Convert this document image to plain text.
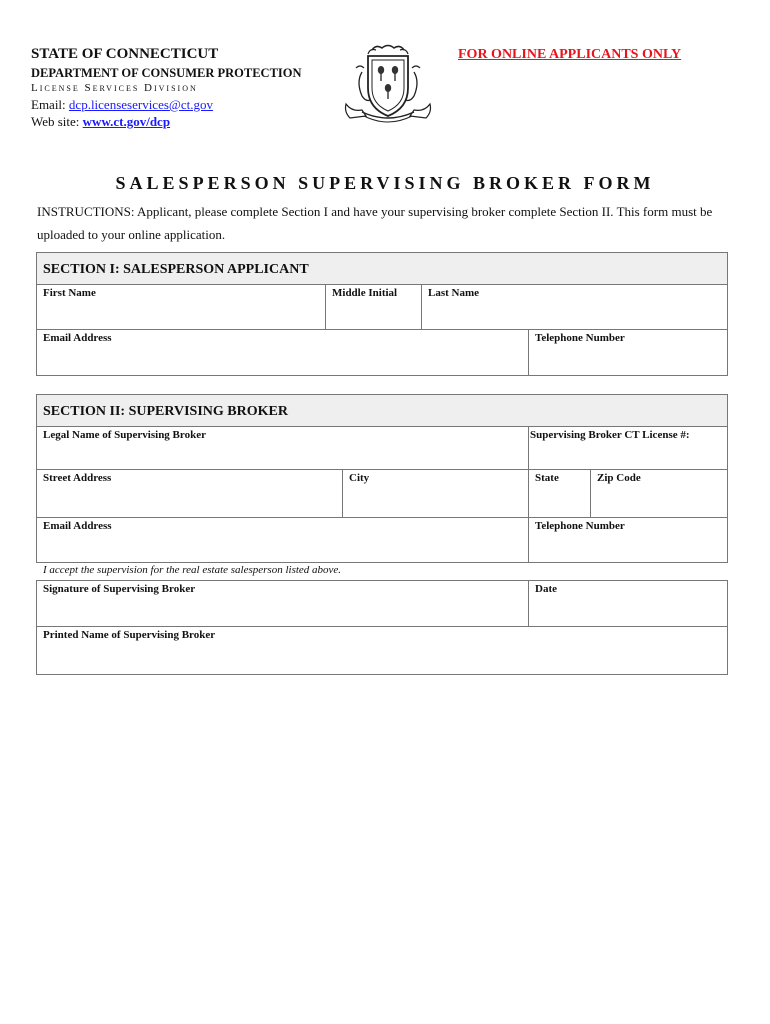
STATE OF CONNECTICUT
DEPARTMENT OF CONSUMER PROTECTION
License Services Division
Email: dcp.licenseservices@ct.gov
Web site: www.ct.gov/dcp
FOR ONLINE APPLICANTS ONLY
SALESPERSON SUPERVISING BROKER FORM
INSTRUCTIONS: Applicant, please complete Section I and have your supervising broker complete Section II. This form must be uploaded to your online application.
SECTION I: SALESPERSON APPLICANT
First Name	Middle Initial	Last Name
Email Address	Telephone Number
SECTION II: SUPERVISING BROKER
Legal Name of Supervising Broker	Supervising Broker CT License #:
Street Address	City	State	Zip Code
Email Address	Telephone Number
I accept the supervision for the real estate salesperson listed above.
Signature of Supervising Broker	Date
Printed Name of Supervising Broker
